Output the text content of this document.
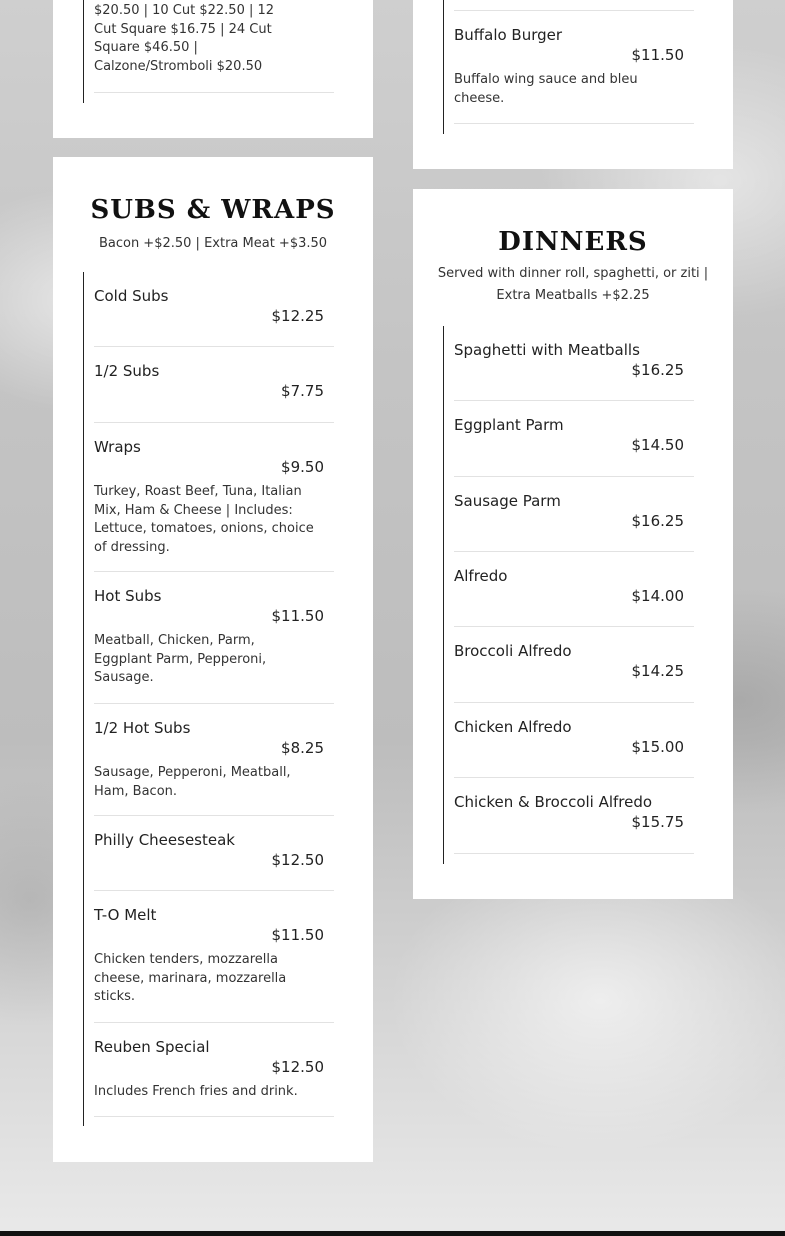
$20.50 | 10 Cut $22.50 | 12 Cut Square $16.75 | 24 Cut Square $46.50 | Calzone/Stromboli $20.50
Buffalo Burger
$11.50
Buffalo wing sauce and bleu cheese.
SUBS & WRAPS
Bacon +$2.50 | Extra Meat +$3.50
Cold Subs
$12.25
1/2 Subs
$7.75
Wraps
$9.50
Turkey, Roast Beef, Tuna, Italian Mix, Ham & Cheese | Includes: Lettuce, tomatoes, onions, choice of dressing.
Hot Subs
$11.50
Meatball, Chicken, Parm, Eggplant Parm, Pepperoni, Sausage.
1/2 Hot Subs
$8.25
Sausage, Pepperoni, Meatball, Ham, Bacon.
Philly Cheesesteak
$12.50
T-O Melt
$11.50
Chicken tenders, mozzarella cheese, marinara, mozzarella sticks.
Reuben Special
$12.50
Includes French fries and drink.
DINNERS
Served with dinner roll, spaghetti, or ziti | Extra Meatballs +$2.25
Spaghetti with Meatballs
$16.25
Eggplant Parm
$14.50
Sausage Parm
$16.25
Alfredo
$14.00
Broccoli Alfredo
$14.25
Chicken Alfredo
$15.00
Chicken & Broccoli Alfredo
$15.75
